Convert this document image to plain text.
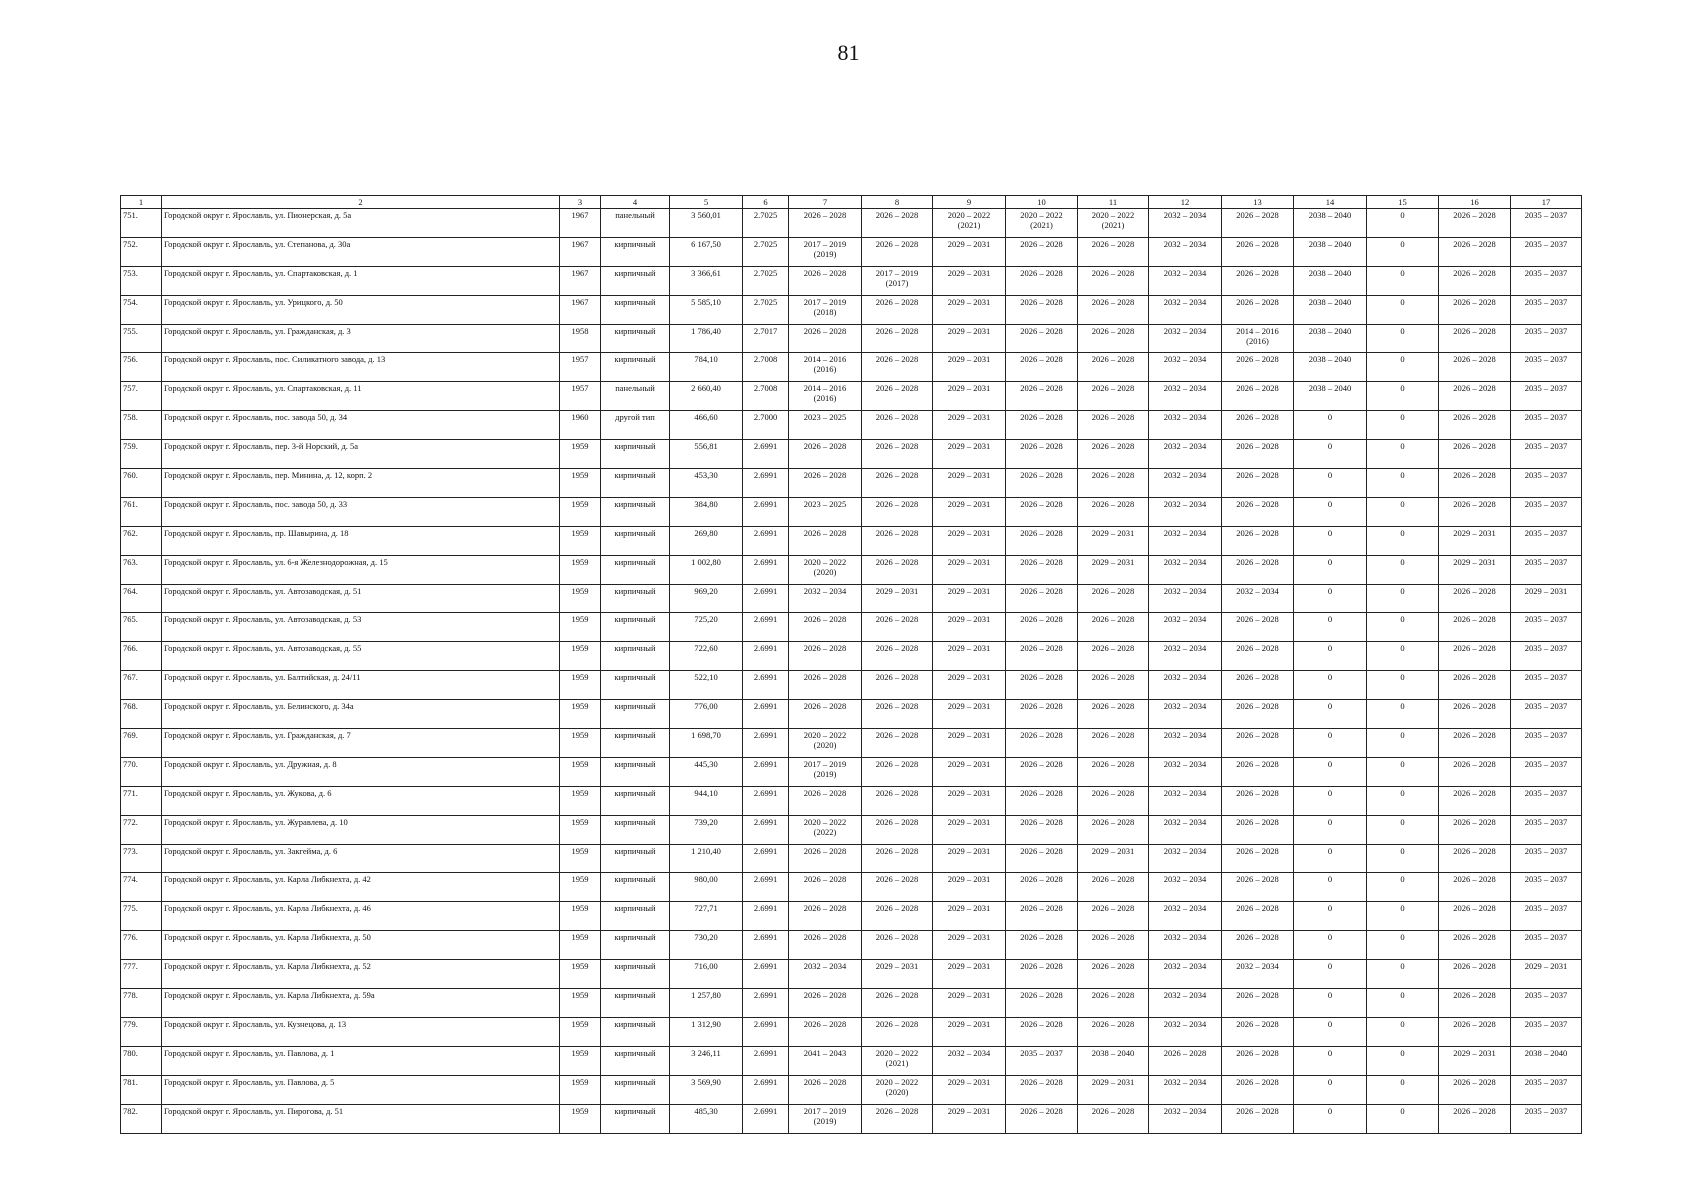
81
1	2	3	4	5	6	7	8	9	10	11	12	13	14	15	16	17

751.	Городской округ г. Ярославль, ул. Пионерская, д. 5а	1967	панельный	3 560,01	2.7025	2026 – 2028	2026 – 2028	2020 – 2022
(2021)	2020 – 2022
(2021)	2020 – 2022
(2021)	2032 – 2034	2026 – 2028	2038 – 2040	0	2026 – 2028	2035 – 2037

752.	Городской округ г. Ярославль, ул. Степанова, д. 30а	1967	кирпичный	6 167,50	2.7025	2017 – 2019
(2019)	2026 – 2028	2029 – 2031	2026 – 2028	2026 – 2028	2032 – 2034	2026 – 2028	2038 – 2040	0	2026 – 2028	2035 – 2037

753.	Городской округ г. Ярославль, ул. Спартаковская, д. 1	1967	кирпичный	3 366,61	2.7025	2026 – 2028	2017 – 2019
(2017)	2029 – 2031	2026 – 2028	2026 – 2028	2032 – 2034	2026 – 2028	2038 – 2040	0	2026 – 2028	2035 – 2037

754.	Городской округ г. Ярославль, ул. Урицкого, д. 50	1967	кирпичный	5 585,10	2.7025	2017 – 2019
(2018)	2026 – 2028	2029 – 2031	2026 – 2028	2026 – 2028	2032 – 2034	2026 – 2028	2038 – 2040	0	2026 – 2028	2035 – 2037

755.	Городской округ г. Ярославль, ул. Гражданская, д. 3	1958	кирпичный	1 786,40	2.7017	2026 – 2028	2026 – 2028	2029 – 2031	2026 – 2028	2026 – 2028	2032 – 2034	2014 – 2016
(2016)	2038 – 2040	0	2026 – 2028	2035 – 2037

756.	Городской округ г. Ярославль, пос. Силикатного завода, д. 13	1957	кирпичный	784,10	2.7008	2014 – 2016
(2016)	2026 – 2028	2029 – 2031	2026 – 2028	2026 – 2028	2032 – 2034	2026 – 2028	2038 – 2040	0	2026 – 2028	2035 – 2037

757.	Городской округ г. Ярославль, ул. Спартаковская, д. 11	1957	панельный	2 660,40	2.7008	2014 – 2016
(2016)	2026 – 2028	2029 – 2031	2026 – 2028	2026 – 2028	2032 – 2034	2026 – 2028	2038 – 2040	0	2026 – 2028	2035 – 2037

758.	Городской округ г. Ярославль, пос. завода 50, д. 34	1960	другой тип	466,60	2.7000	2023 – 2025	2026 – 2028	2029 – 2031	2026 – 2028	2026 – 2028	2032 – 2034	2026 – 2028	0	0	2026 – 2028	2035 – 2037

759.	Городской округ г. Ярославль, пер. 3-й Норский, д. 5а	1959	кирпичный	556,81	2.6991	2026 – 2028	2026 – 2028	2029 – 2031	2026 – 2028	2026 – 2028	2032 – 2034	2026 – 2028	0	0	2026 – 2028	2035 – 2037

760.	Городской округ г. Ярославль, пер. Минина, д. 12, корп. 2	1959	кирпичный	453,30	2.6991	2026 – 2028	2026 – 2028	2029 – 2031	2026 – 2028	2026 – 2028	2032 – 2034	2026 – 2028	0	0	2026 – 2028	2035 – 2037

761.	Городской округ г. Ярославль, пос. завода 50, д. 33	1959	кирпичный	384,80	2.6991	2023 – 2025	2026 – 2028	2029 – 2031	2026 – 2028	2026 – 2028	2032 – 2034	2026 – 2028	0	0	2026 – 2028	2035 – 2037

762.	Городской округ г. Ярославль, пр. Шавырина, д. 18	1959	кирпичный	269,80	2.6991	2026 – 2028	2026 – 2028	2029 – 2031	2026 – 2028	2029 – 2031	2032 – 2034	2026 – 2028	0	0	2029 – 2031	2035 – 2037

763.	Городской округ г. Ярославль, ул. 6-я Железнодорожная, д. 15	1959	кирпичный	1 002,80	2.6991	2020 – 2022
(2020)	2026 – 2028	2029 – 2031	2026 – 2028	2029 – 2031	2032 – 2034	2026 – 2028	0	0	2029 – 2031	2035 – 2037

764.	Городской округ г. Ярославль, ул. Автозаводская, д. 51	1959	кирпичный	969,20	2.6991	2032 – 2034	2029 – 2031	2029 – 2031	2026 – 2028	2026 – 2028	2032 – 2034	2032 – 2034	0	0	2026 – 2028	2029 – 2031

765.	Городской округ г. Ярославль, ул. Автозаводская, д. 53	1959	кирпичный	725,20	2.6991	2026 – 2028	2026 – 2028	2029 – 2031	2026 – 2028	2026 – 2028	2032 – 2034	2026 – 2028	0	0	2026 – 2028	2035 – 2037

766.	Городской округ г. Ярославль, ул. Автозаводская, д. 55	1959	кирпичный	722,60	2.6991	2026 – 2028	2026 – 2028	2029 – 2031	2026 – 2028	2026 – 2028	2032 – 2034	2026 – 2028	0	0	2026 – 2028	2035 – 2037

767.	Городской округ г. Ярославль, ул. Балтийская, д. 24/11	1959	кирпичный	522,10	2.6991	2026 – 2028	2026 – 2028	2029 – 2031	2026 – 2028	2026 – 2028	2032 – 2034	2026 – 2028	0	0	2026 – 2028	2035 – 2037

768.	Городской округ г. Ярославль, ул. Белинского, д. 34а	1959	кирпичный	776,00	2.6991	2026 – 2028	2026 – 2028	2029 – 2031	2026 – 2028	2026 – 2028	2032 – 2034	2026 – 2028	0	0	2026 – 2028	2035 – 2037

769.	Городской округ г. Ярославль, ул. Гражданская, д. 7	1959	кирпичный	1 698,70	2.6991	2020 – 2022
(2020)	2026 – 2028	2029 – 2031	2026 – 2028	2026 – 2028	2032 – 2034	2026 – 2028	0	0	2026 – 2028	2035 – 2037

770.	Городской округ г. Ярославль, ул. Дружная, д. 8	1959	кирпичный	445,30	2.6991	2017 – 2019
(2019)	2026 – 2028	2029 – 2031	2026 – 2028	2026 – 2028	2032 – 2034	2026 – 2028	0	0	2026 – 2028	2035 – 2037

771.	Городской округ г. Ярославль, ул. Жукова, д. 6	1959	кирпичный	944,10	2.6991	2026 – 2028	2026 – 2028	2029 – 2031	2026 – 2028	2026 – 2028	2032 – 2034	2026 – 2028	0	0	2026 – 2028	2035 – 2037

772.	Городской округ г. Ярославль, ул. Журавлева, д. 10	1959	кирпичный	739,20	2.6991	2020 – 2022
(2022)	2026 – 2028	2029 – 2031	2026 – 2028	2026 – 2028	2032 – 2034	2026 – 2028	0	0	2026 – 2028	2035 – 2037

773.	Городской округ г. Ярославль, ул. Закгейма, д. 6	1959	кирпичный	1 210,40	2.6991	2026 – 2028	2026 – 2028	2029 – 2031	2026 – 2028	2029 – 2031	2032 – 2034	2026 – 2028	0	0	2026 – 2028	2035 – 2037

774.	Городской округ г. Ярославль, ул. Карла Либкнехта, д. 42	1959	кирпичный	980,00	2.6991	2026 – 2028	2026 – 2028	2029 – 2031	2026 – 2028	2026 – 2028	2032 – 2034	2026 – 2028	0	0	2026 – 2028	2035 – 2037

775.	Городской округ г. Ярославль, ул. Карла Либкнехта, д. 46	1959	кирпичный	727,71	2.6991	2026 – 2028	2026 – 2028	2029 – 2031	2026 – 2028	2026 – 2028	2032 – 2034	2026 – 2028	0	0	2026 – 2028	2035 – 2037

776.	Городской округ г. Ярославль, ул. Карла Либкнехта, д. 50	1959	кирпичный	730,20	2.6991	2026 – 2028	2026 – 2028	2029 – 2031	2026 – 2028	2026 – 2028	2032 – 2034	2026 – 2028	0	0	2026 – 2028	2035 – 2037

777.	Городской округ г. Ярославль, ул. Карла Либкнехта, д. 52	1959	кирпичный	716,00	2.6991	2032 – 2034	2029 – 2031	2029 – 2031	2026 – 2028	2026 – 2028	2032 – 2034	2032 – 2034	0	0	2026 – 2028	2029 – 2031

778.	Городской округ г. Ярославль, ул. Карла Либкнехта, д. 59а	1959	кирпичный	1 257,80	2.6991	2026 – 2028	2026 – 2028	2029 – 2031	2026 – 2028	2026 – 2028	2032 – 2034	2026 – 2028	0	0	2026 – 2028	2035 – 2037

779.	Городской округ г. Ярославль, ул. Кузнецова, д. 13	1959	кирпичный	1 312,90	2.6991	2026 – 2028	2026 – 2028	2029 – 2031	2026 – 2028	2026 – 2028	2032 – 2034	2026 – 2028	0	0	2026 – 2028	2035 – 2037

780.	Городской округ г. Ярославль, ул. Павлова, д. 1	1959	кирпичный	3 246,11	2.6991	2041 – 2043	2020 – 2022
(2021)	2032 – 2034	2035 – 2037	2038 – 2040	2026 – 2028	2026 – 2028	0	0	2029 – 2031	2038 – 2040

781.	Городской округ г. Ярославль, ул. Павлова, д. 5	1959	кирпичный	3 569,90	2.6991	2026 – 2028	2020 – 2022
(2020)	2029 – 2031	2026 – 2028	2029 – 2031	2032 – 2034	2026 – 2028	0	0	2026 – 2028	2035 – 2037

782.	Городской округ г. Ярославль, ул. Пирогова, д. 51	1959	кирпичный	485,30	2.6991	2017 – 2019
(2019)	2026 – 2028	2029 – 2031	2026 – 2028	2026 – 2028	2032 – 2034	2026 – 2028	0	0	2026 – 2028	2035 – 2037
